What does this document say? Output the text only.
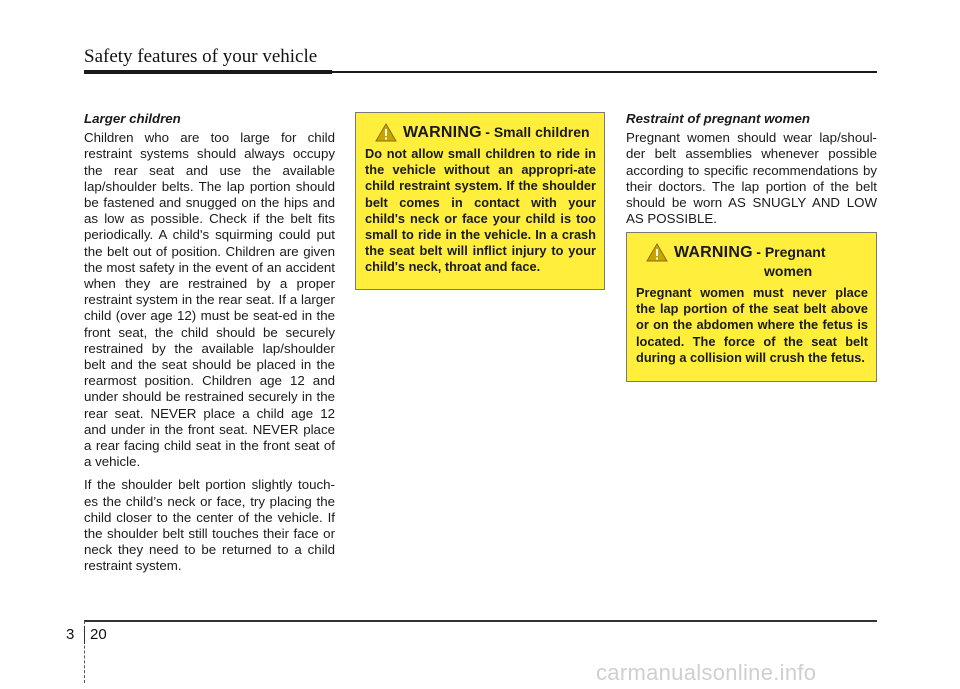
Safety features of your vehicle
Larger children

Children who are too large for child restraint systems should always occupy the rear seat and use the available lap/shoulder belts. The lap portion should be fastened and snugged on the hips and as low as possible. Check if the belt fits periodically. A child's squirming could put the belt out of position. Children are given the most safety in the event of an accident when they are restrained by a proper restraint system in the rear seat. If a larger child (over age 12) must be seat-ed in the front seat, the child should be securely restrained by the available lap/shoulder belt and the seat should be placed in the rearmost position. Children age 12 and under should be restrained securely in the rear seat. NEVER place a child age 12 and under in the front seat. NEVER place a rear facing child seat in the front seat of a vehicle.

If the shoulder belt portion slightly touch-es the child’s neck or face, try placing the child closer to the center of the vehicle. If the shoulder belt still touches their face or neck they need to be returned to a child restraint system.

WARNING - Small children
Do not allow small children to ride in the vehicle without an appropri-ate child restraint system. If the shoulder belt comes in contact with your child's neck or face your child is too small to ride in the vehicle. In a crash the seat belt will inflict injury to your child's neck, throat and face.
Restraint of pregnant women

Pregnant women should wear lap/shoul-der belt assemblies whenever possible according to specific recommendations by their doctors. The lap portion of the belt should be worn AS SNUGLY AND LOW AS POSSIBLE.

WARNING - Pregnant
women
Pregnant women must never place the lap portion of the seat belt above or on the abdomen where the fetus is located. The force of the seat belt during a collision will crush the fetus.
3 20
carmanualsonline.info
